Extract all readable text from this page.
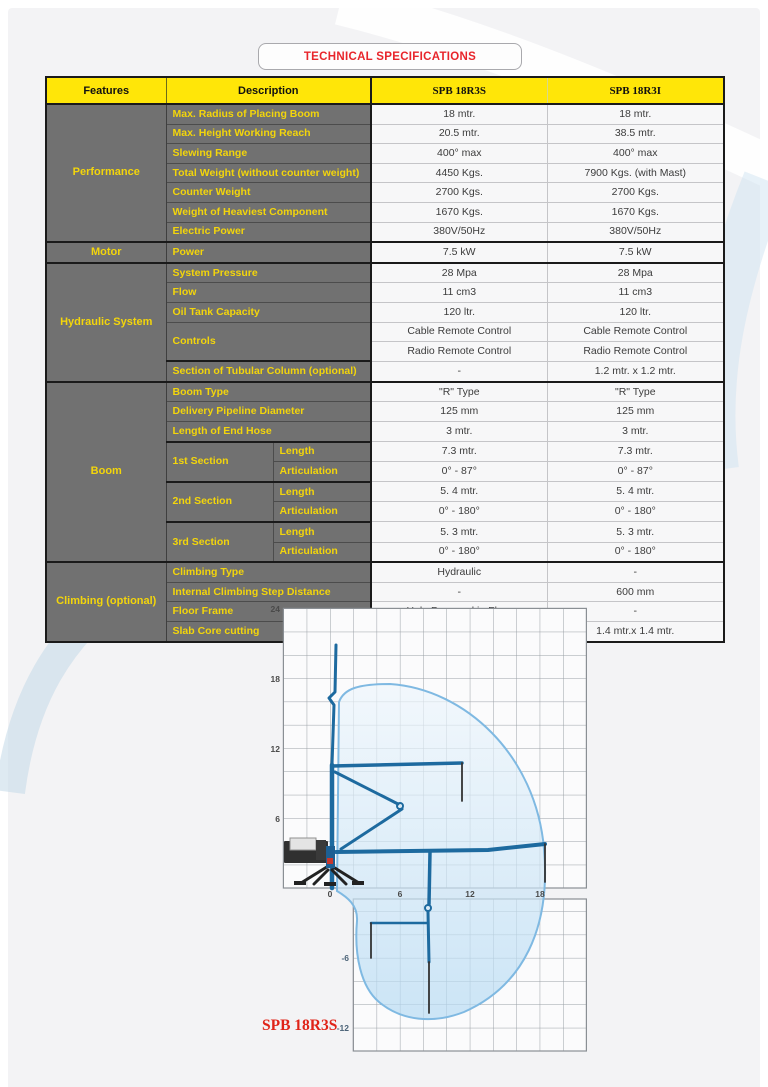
TECHNICAL SPECIFICATIONS
Features	Description		SPB 18R3S	SPB 18R3I
Performance	Max. Radius of Placing Boom		18 mtr.	18 mtr.
	Max. Height Working Reach		20.5 mtr.	38.5 mtr.
	Slewing Range		400° max	400° max
	Total Weight (without counter weight)		4450 Kgs.	7900 Kgs. (with Mast)
	Counter Weight		2700 Kgs.	2700 Kgs.
	Weight of Heaviest Component		1670 Kgs.	1670 Kgs.
	Electric Power		380V/50Hz	380V/50Hz
Motor	Power		7.5 kW	7.5 kW
Hydraulic System	System Pressure		28 Mpa	28 Mpa
	Flow		11 cm3	11 cm3
	Oil Tank Capacity		120 ltr.	120 ltr.
	Controls		Cable Remote Control	Cable Remote Control
			Radio Remote Control	Radio Remote Control
	Section of Tubular Column (optional)		-	1.2 mtr. x 1.2 mtr.
Boom	Boom Type		"R" Type	"R" Type
	Delivery Pipeline Diameter		125 mm	125 mm
	Length of End Hose		3 mtr.	3 mtr.
	1st Section	Length	7.3 mtr.	7.3 mtr.
		Articulation	0° - 87°	0° - 87°
	2nd Section	Length	5. 4 mtr.	5. 4 mtr.
		Articulation	0° - 180°	0° - 180°
	3rd Section	Length	5. 3 mtr.	5. 3 mtr.
		Articulation	0° - 180°	0° - 180°
Climbing (optional)	Climbing Type		Hydraulic	-
	Internal Climbing Step Distance		-	600 mm
	Floor Frame			-
	Slab Core cutting			1.4 mtr.x 1.4 mtr.
24
18
12
6
0	6	12	18
-6
-12
SPB 18R3S
